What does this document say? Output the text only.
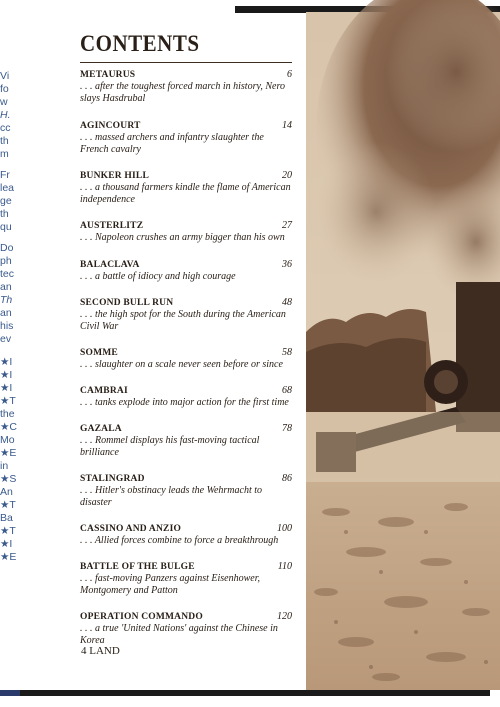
Vi
fo
w
H.
cc
th
m
Fr
lea
ge
th
qu
Do
ph
tec
an
Th
an
his
ev
★I
★I
★I
★T
the
★C
Mo
★E
in
★S
An
★T
Ba
★T
★I
★E
CONTENTS
METAURUS	6
. . . after the toughest forced march in history, Nero slays Hasdrubal
AGINCOURT	14
. . . massed archers and infantry slaughter the French cavalry
BUNKER HILL	20
. . . a thousand farmers kindle the flame of American independence
AUSTERLITZ	27
. . . Napoleon crushes an army bigger than his own
BALACLAVA	36
. . . a battle of idiocy and high courage
SECOND BULL RUN	48
. . . the high spot for the South during the American Civil War
SOMME	58
. . . slaughter on a scale never seen before or since
CAMBRAI	68
. . . tanks explode into major action for the first time
GAZALA	78
. . . Rommel displays his fast-moving tactical brilliance
STALINGRAD	86
. . . Hitler's obstinacy leads the Wehrmacht to disaster
CASSINO AND ANZIO	100
. . . Allied forces combine to force a breakthrough
BATTLE OF THE BULGE	110
. . . fast-moving Panzers against Eisenhower, Montgomery and Patton
OPERATION COMMANDO	120
. . . a true 'United Nations' against the Chinese in Korea
4 LAND
